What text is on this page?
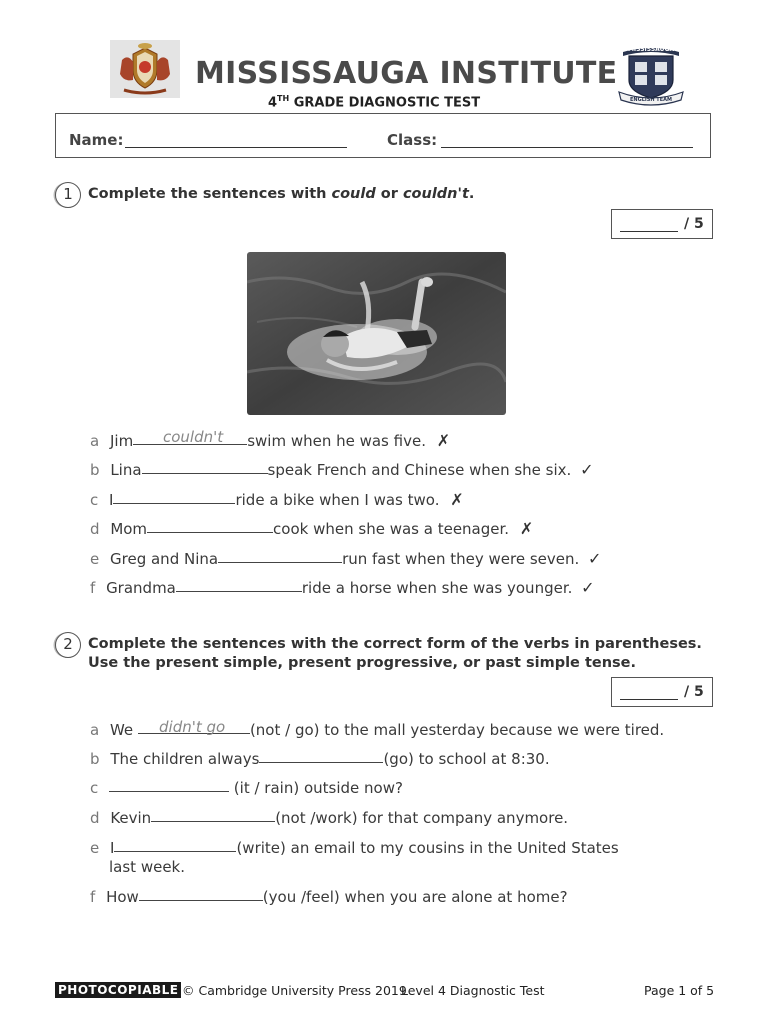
MISSISSAUGA INSTITUTE
4TH GRADE DIAGNOSTIC TEST
MISSISSAUGA
ENGLISH TEAM
Name:	Class:
1	Complete the sentences with could or couldn't.
/ 5
a Jim	swim when he was five. ✗
couldn't
b Lina	speak French and Chinese when she six. ✓
c I	ride a bike when I was two. ✗
d Mom	cook when she was a teenager. ✗
e Greg and Nina	run fast when they were seven. ✓
f Grandma	ride a horse when she was younger. ✓
2	Complete the sentences with the correct form of the verbs in parentheses.
Use the present simple, present progressive, or past simple tense.
/ 5
a We	(not / go) to the mall yesterday because we were tired.
didn't go
b The children always	(go) to school at 8:30.
c	(it / rain) outside now?
d Kevin	(not /work) for that company anymore.
e I	(write) an email to my cousins in the United States
last week.
f How	(you /feel) when you are alone at home?
PHOTOCOPIABLE © Cambridge University Press 2019
Level 4 Diagnostic Test	Page 1 of 5
